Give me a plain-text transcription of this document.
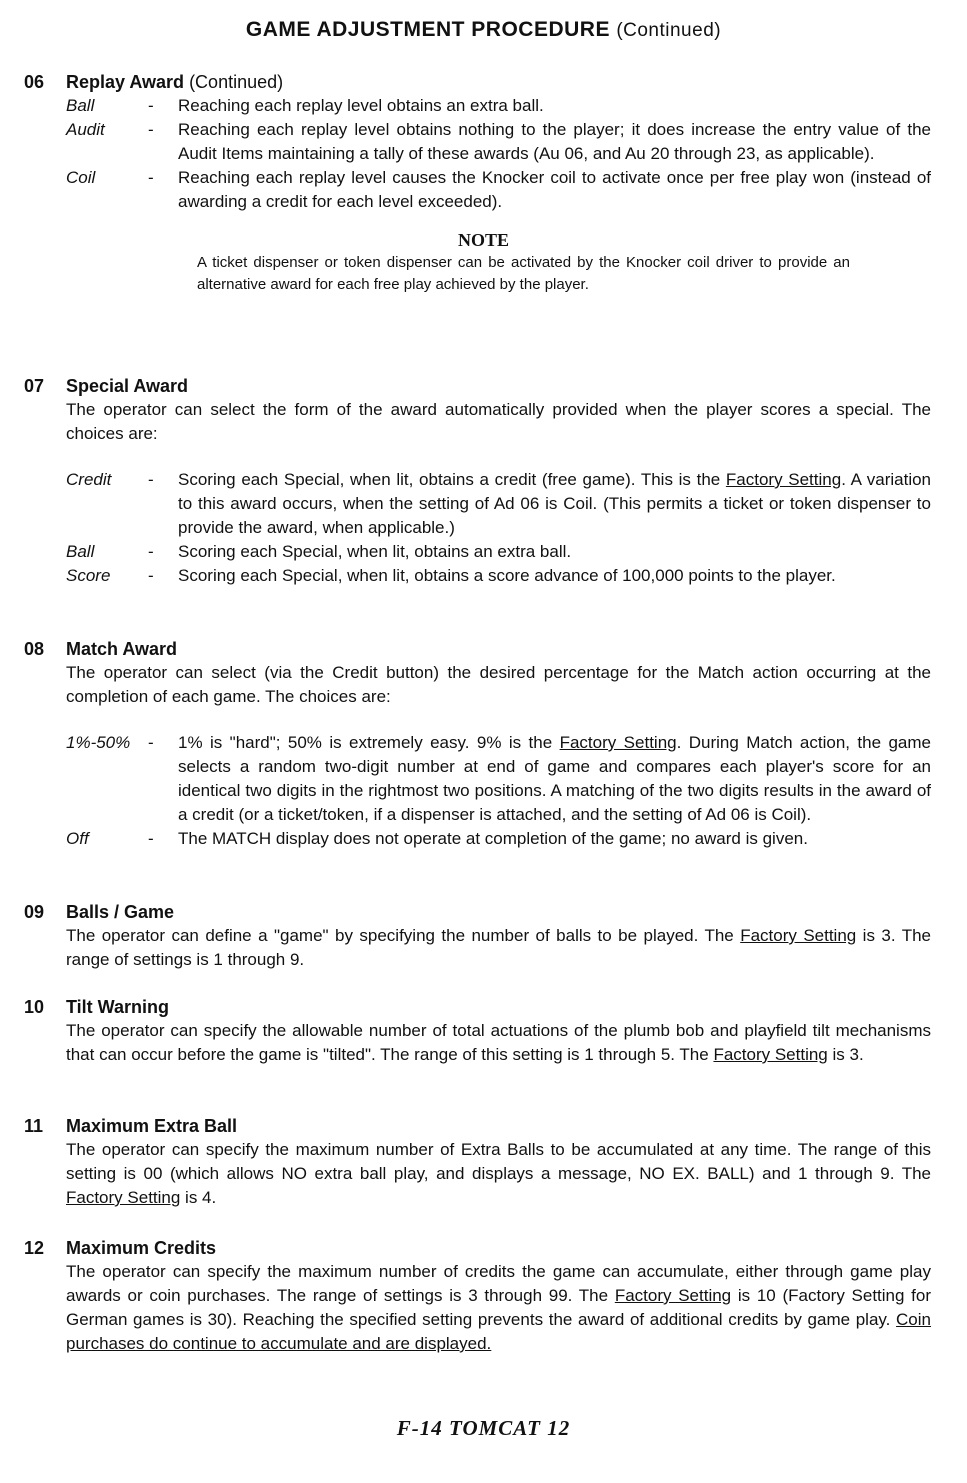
GAME ADJUSTMENT PROCEDURE (Continued)
06 Replay Award (Continued)
Ball	- Reaching each replay level obtains an extra ball.
Audit	- Reaching each replay level obtains nothing to the player; it does increase the entry value of the Audit Items maintaining a tally of these awards (Au 06, and Au 20 through 23, as applicable).
Coil	- Reaching each replay level causes the Knocker coil to activate once per free play won (instead of awarding a credit for each level exceeded).
NOTE
A ticket dispenser or token dispenser can be activated by the Knocker coil driver to provide an alternative award for each free play achieved by the player.
07 Special Award
The operator can select the form of the award automatically provided when the player scores a special. The choices are:
Credit - Scoring each Special, when lit, obtains a credit (free game). This is the Factory Setting. A variation to this award occurs, when the setting of Ad 06 is Coil. (This permits a ticket or token dispenser to provide the award, when applicable.)
Ball	- Scoring each Special, when lit, obtains an extra ball.
Score - Scoring each Special, when lit, obtains a score advance of 100,000 points to the player.
08 Match Award
The operator can select (via the Credit button) the desired percentage for the Match action occurring at the completion of each game. The choices are:
1%-50% - 1% is "hard"; 50% is extremely easy. 9% is the Factory Setting. During Match action, the game selects a random two-digit number at end of game and compares each player's score for an identical two digits in the rightmost two positions. A matching of the two digits results in the award of a credit (or a ticket/token, if a dispenser is attached, and the setting of Ad 06 is Coil).
Off	- The MATCH display does not operate at completion of the game; no award is given.
09 Balls / Game
The operator can define a "game" by specifying the number of balls to be played. The Factory Setting is 3. The range of settings is 1 through 9.
10 Tilt Warning
The operator can specify the allowable number of total actuations of the plumb bob and playfield tilt mechanisms that can occur before the game is "tilted". The range of this setting is 1 through 5. The Factory Setting is 3.
11 Maximum Extra Ball
The operator can specify the maximum number of Extra Balls to be accumulated at any time. The range of this setting is 00 (which allows NO extra ball play, and displays a message, NO EX. BALL) and 1 through 9. The Factory Setting is 4.
12 Maximum Credits
The operator can specify the maximum number of credits the game can accumulate, either through game play awards or coin purchases. The range of settings is 3 through 99. The Factory Setting is 10 (Factory Setting for German games is 30). Reaching the specified setting prevents the award of additional credits by game play. Coin purchases do continue to accumulate and are displayed.
F-14 TOMCAT 12
